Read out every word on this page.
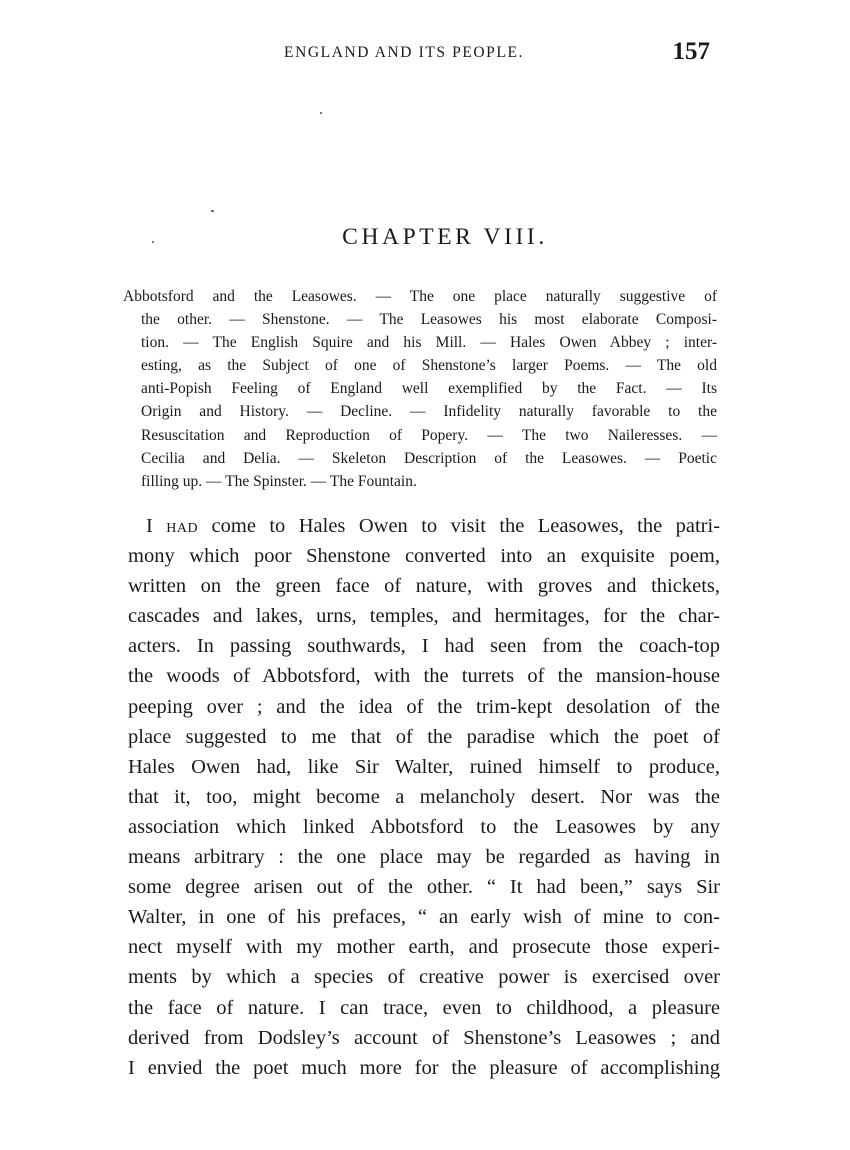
ENGLAND AND ITS PEOPLE.	157
CHAPTER VIII.
Abbotsford and the Leasowes. — The one place naturally suggestive of
the other. — Shenstone. — The Leasowes his most elaborate Composi-
tion. — The English Squire and his Mill. — Hales Owen Abbey ; inter-
esting, as the Subject of one of Shenstone’s larger Poems. — The old
anti-Popish Feeling of England well exemplified by the Fact. — Its
Origin and History. — Decline. — Infidelity naturally favorable to the
Resuscitation and Reproduction of Popery. — The two Naileresses. —
Cecilia and Delia. — Skeleton Description of the Leasowes. — Poetic
filling up. — The Spinster. — The Fountain.
I had come to Hales Owen to visit the Leasowes, the patri-
mony which poor Shenstone converted into an exquisite poem,
written on the green face of nature, with groves and thickets,
cascades and lakes, urns, temples, and hermitages, for the char-
acters. In passing southwards, I had seen from the coach-top
the woods of Abbotsford, with the turrets of the mansion-house
peeping over ; and the idea of the trim-kept desolation of the
place suggested to me that of the paradise which the poet of
Hales Owen had, like Sir Walter, ruined himself to produce,
that it, too, might become a melancholy desert. Nor was the
association which linked Abbotsford to the Leasowes by any
means arbitrary : the one place may be regarded as having in
some degree arisen out of the other. “ It had been,” says Sir
Walter, in one of his prefaces, “ an early wish of mine to con-
nect myself with my mother earth, and prosecute those experi-
ments by which a species of creative power is exercised over
the face of nature. I can trace, even to childhood, a pleasure
derived from Dodsley’s account of Shenstone’s Leasowes ; and
I envied the poet much more for the pleasure of accomplishing
